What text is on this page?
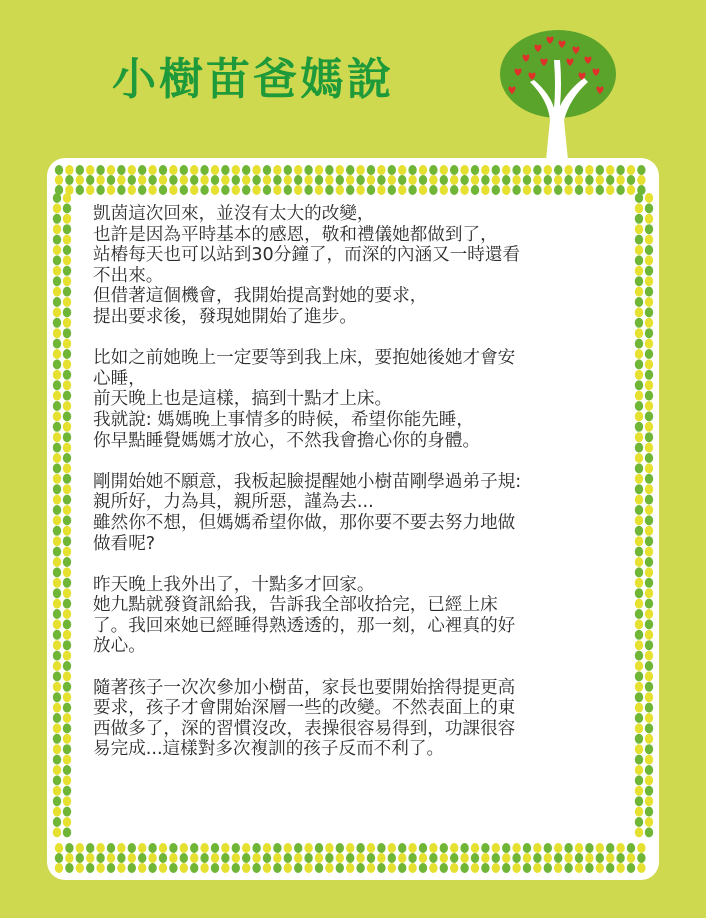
小樹苗爸媽說

凱茵這次回來，並沒有太大的改變，
也許是因為平時基本的感恩，敬和禮儀她都做到了，
站樁每天也可以站到30分鐘了，而深的內涵又一時還看
不出來。
但借著這個機會，我開始提高對她的要求，
提出要求後，發現她開始了進步。

比如之前她晚上一定要等到我上床，要抱她後她才會安
心睡，
前天晚上也是這樣，搞到十點才上床。
我就說: 媽媽晚上事情多的時候，希望你能先睡，
你早點睡覺媽媽才放心，不然我會擔心你的身體。

剛開始她不願意，我板起臉提醒她小樹苗剛學過弟子規:
親所好，力為具，親所惡，謹為去...
雖然你不想，但媽媽希望你做，那你要不要去努力地做
做看呢?

昨天晚上我外出了，十點多才回家。
她九點就發資訊給我，告訴我全部收拾完，已經上床
了。我回來她已經睡得熟透透的，那一刻，心裡真的好
放心。

隨著孩子一次次參加小樹苗，家長也要開始捨得提更高
要求，孩子才會開始深層一些的改變。不然表面上的東
西做多了，深的習慣沒改，表操很容易得到，功課很容
易完成...這樣對多次複訓的孩子反而不利了。
